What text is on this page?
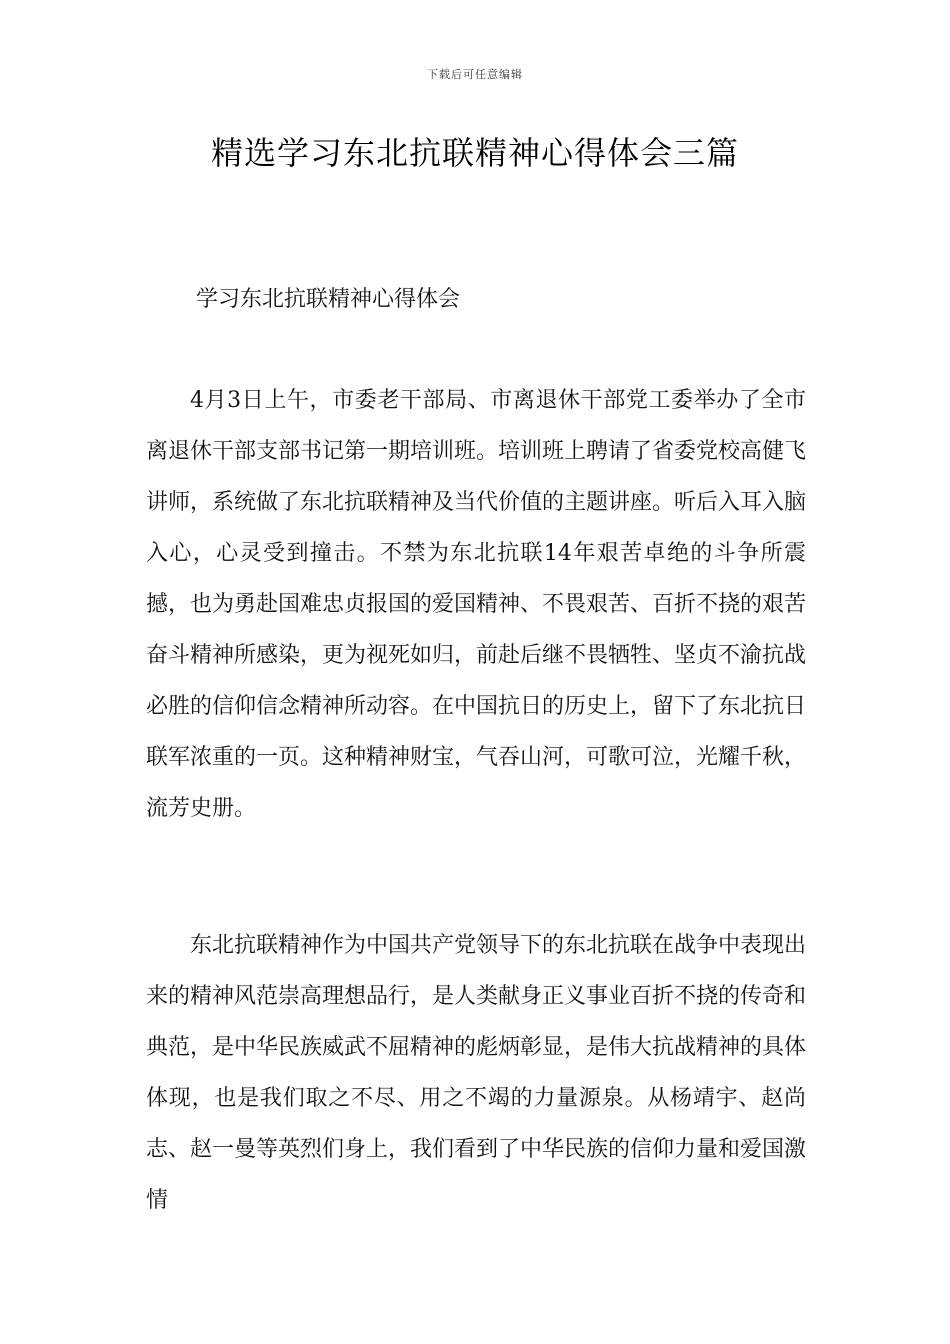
下载后可任意编辑
精选学习东北抗联精神心得体会三篇
学习东北抗联精神心得体会

4月3日上午，市委老干部局、市离退休干部党工委举办了全市离退休干部支部书记第一期培训班。培训班上聘请了省委党校高健飞讲师，系统做了东北抗联精神及当代价值的主题讲座。听后入耳入脑入心，心灵受到撞击。不禁为东北抗联14年艰苦卓绝的斗争所震撼，也为勇赴国难忠贞报国的爱国精神、不畏艰苦、百折不挠的艰苦奋斗精神所感染，更为视死如归，前赴后继不畏牺牲、坚贞不渝抗战必胜的信仰信念精神所动容。在中国抗日的历史上，留下了东北抗日联军浓重的一页。这种精神财宝，气吞山河，可歌可泣，光耀千秋，流芳史册。

东北抗联精神作为中国共产党领导下的东北抗联在战争中表现出来的精神风范崇高理想品行，是人类献身正义事业百折不挠的传奇和典范，是中华民族威武不屈精神的彪炳彰显，是伟大抗战精神的具体体现，也是我们取之不尽、用之不竭的力量源泉。从杨靖宇、赵尚志、赵一曼等英烈们身上，我们看到了中华民族的信仰力量和爱国激情
